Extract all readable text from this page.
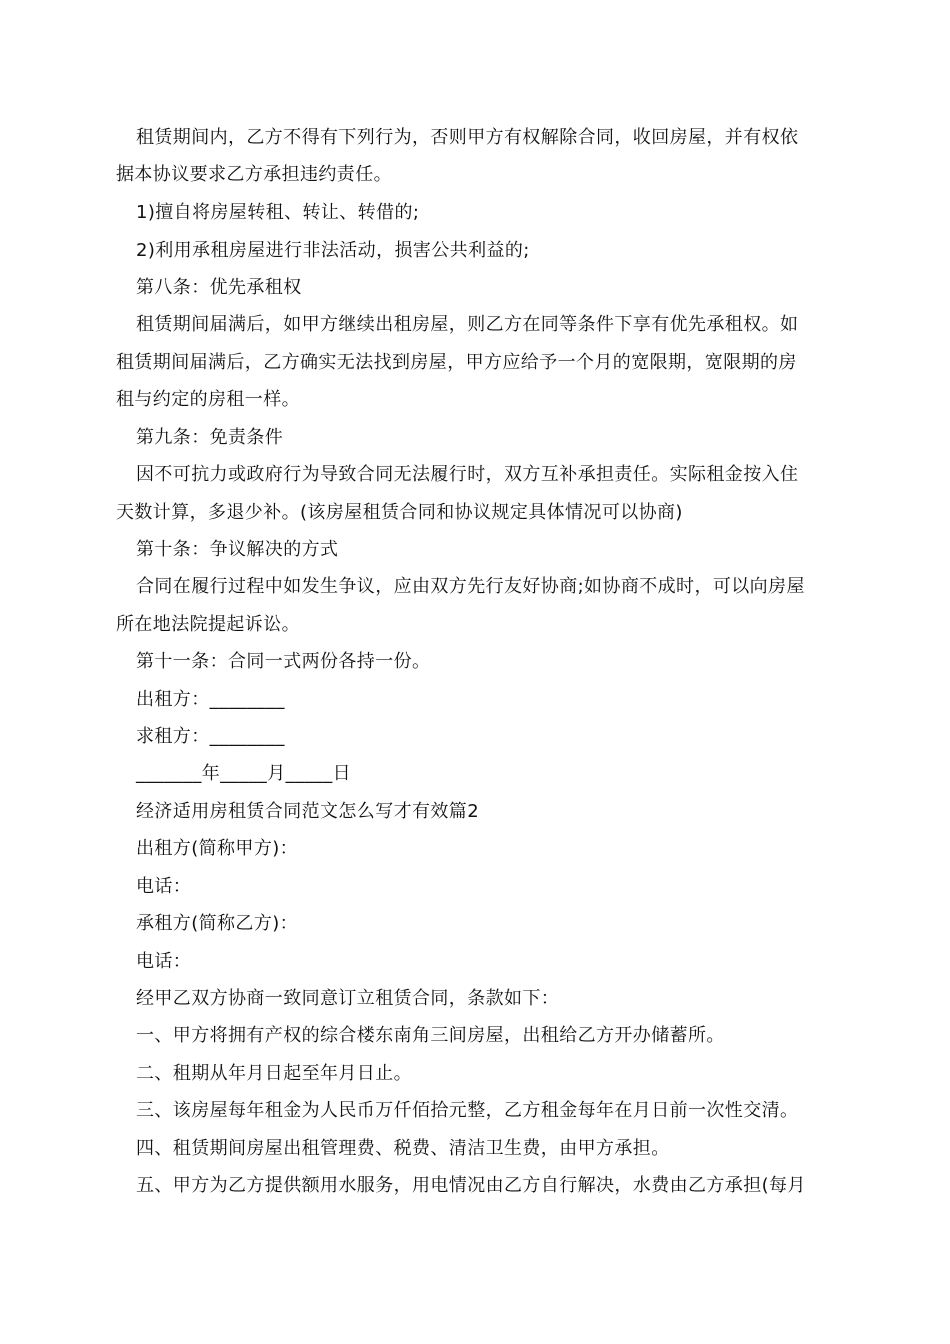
租赁期间内，乙方不得有下列行为，否则甲方有权解除合同，收回房屋，并有权依
据本协议要求乙方承担违约责任。
1)擅自将房屋转租、转让、转借的;
2)利用承租房屋进行非法活动，损害公共利益的;
第八条：优先承租权
租赁期间届满后，如甲方继续出租房屋，则乙方在同等条件下享有优先承租权。如
租赁期间届满后，乙方确实无法找到房屋，甲方应给予一个月的宽限期，宽限期的房
租与约定的房租一样。
第九条：免责条件
因不可抗力或政府行为导致合同无法履行时，双方互补承担责任。实际租金按入住
天数计算，多退少补。(该房屋租赁合同和协议规定具体情况可以协商)
第十条：争议解决的方式
合同在履行过程中如发生争议，应由双方先行友好协商;如协商不成时，可以向房屋
所在地法院提起诉讼。
第十一条：合同一式两份各持一份。
出租方：________
求租方：________
_______年_____月_____日
经济适用房租赁合同范文怎么写才有效篇2
出租方(简称甲方)：
电话：
承租方(简称乙方)：
电话：
经甲乙双方协商一致同意订立租赁合同，条款如下：
一、甲方将拥有产权的综合楼东南角三间房屋，出租给乙方开办储蓄所。
二、租期从年月日起至年月日止。
三、该房屋每年租金为人民币万仟佰拾元整，乙方租金每年在月日前一次性交清。
四、租赁期间房屋出租管理费、税费、清洁卫生费，由甲方承担。
五、甲方为乙方提供额用水服务，用电情况由乙方自行解决，水费由乙方承担(每月
